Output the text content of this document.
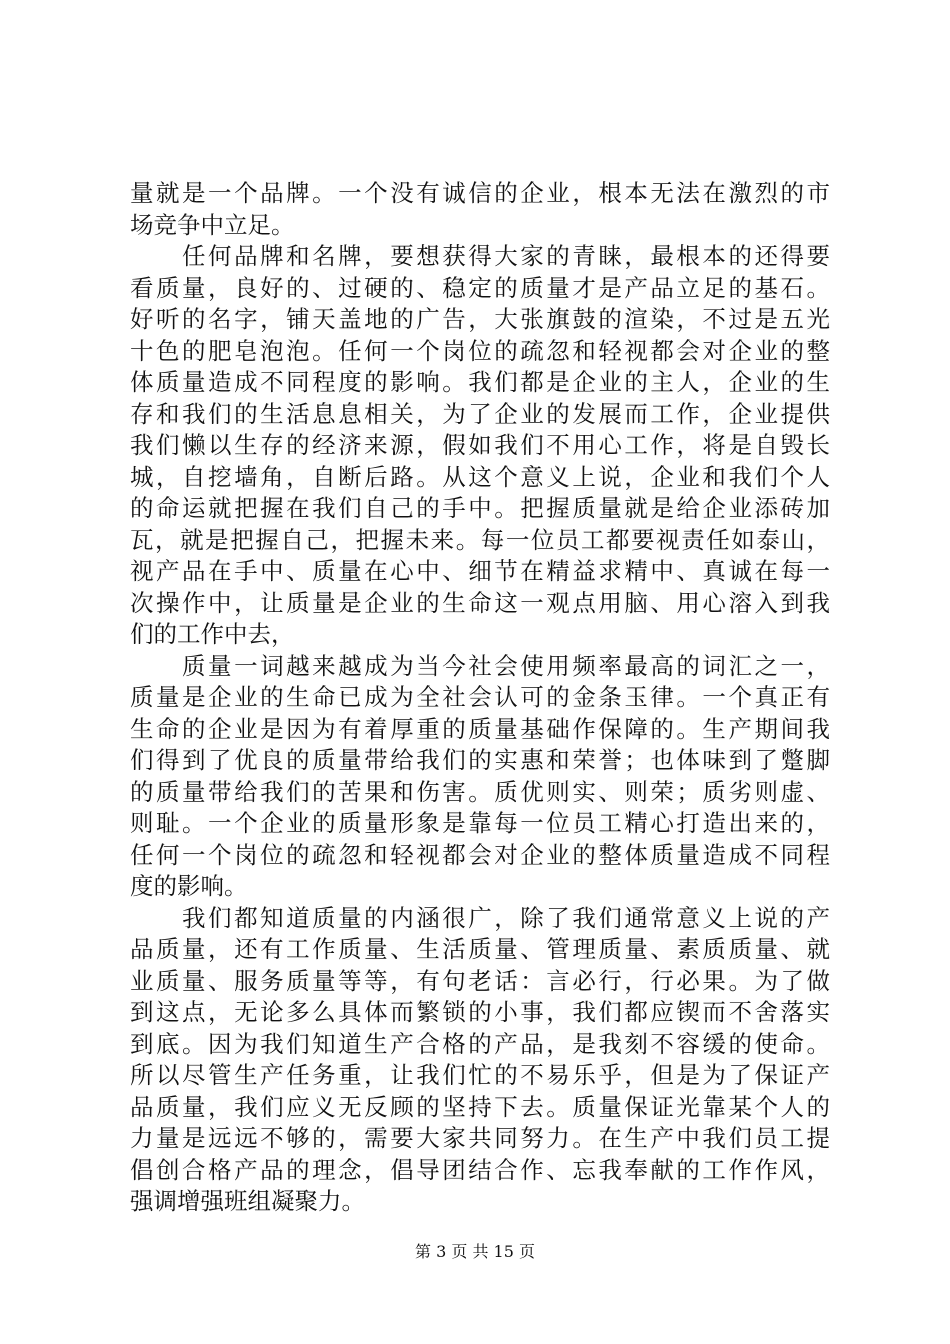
量就是一个品牌。一个没有诚信的企业，根本无法在激烈的市
场竞争中立足。
　　任何品牌和名牌，要想获得大家的青睐，最根本的还得要
看质量，良好的、过硬的、稳定的质量才是产品立足的基石。
好听的名字，铺天盖地的广告，大张旗鼓的渲染，不过是五光
十色的肥皂泡泡。任何一个岗位的疏忽和轻视都会对企业的整
体质量造成不同程度的影响。我们都是企业的主人，企业的生
存和我们的生活息息相关，为了企业的发展而工作，企业提供
我们懒以生存的经济来源，假如我们不用心工作，将是自毁长
城，自挖墙角，自断后路。从这个意义上说，企业和我们个人
的命运就把握在我们自己的手中。把握质量就是给企业添砖加
瓦，就是把握自己，把握未来。每一位员工都要视责任如泰山，
视产品在手中、质量在心中、细节在精益求精中、真诚在每一
次操作中，让质量是企业的生命这一观点用脑、用心溶入到我
们的工作中去，
　　质量一词越来越成为当今社会使用频率最高的词汇之一，
质量是企业的生命已成为全社会认可的金条玉律。一个真正有
生命的企业是因为有着厚重的质量基础作保障的。生产期间我
们得到了优良的质量带给我们的实惠和荣誉；也体味到了蹩脚
的质量带给我们的苦果和伤害。质优则实、则荣；质劣则虚、
则耻。一个企业的质量形象是靠每一位员工精心打造出来的，
任何一个岗位的疏忽和轻视都会对企业的整体质量造成不同程
度的影响。
　　我们都知道质量的内涵很广，除了我们通常意义上说的产
品质量，还有工作质量、生活质量、管理质量、素质质量、就
业质量、服务质量等等，有句老话：言必行，行必果。为了做
到这点，无论多么具体而繁锁的小事，我们都应锲而不舍落实
到底。因为我们知道生产合格的产品，是我刻不容缓的使命。
所以尽管生产任务重，让我们忙的不易乐乎，但是为了保证产
品质量，我们应义无反顾的坚持下去。质量保证光靠某个人的
力量是远远不够的，需要大家共同努力。在生产中我们员工提
倡创合格产品的理念，倡导团结合作、忘我奉献的工作作风，
强调增强班组凝聚力。
第 3 页 共 15 页
